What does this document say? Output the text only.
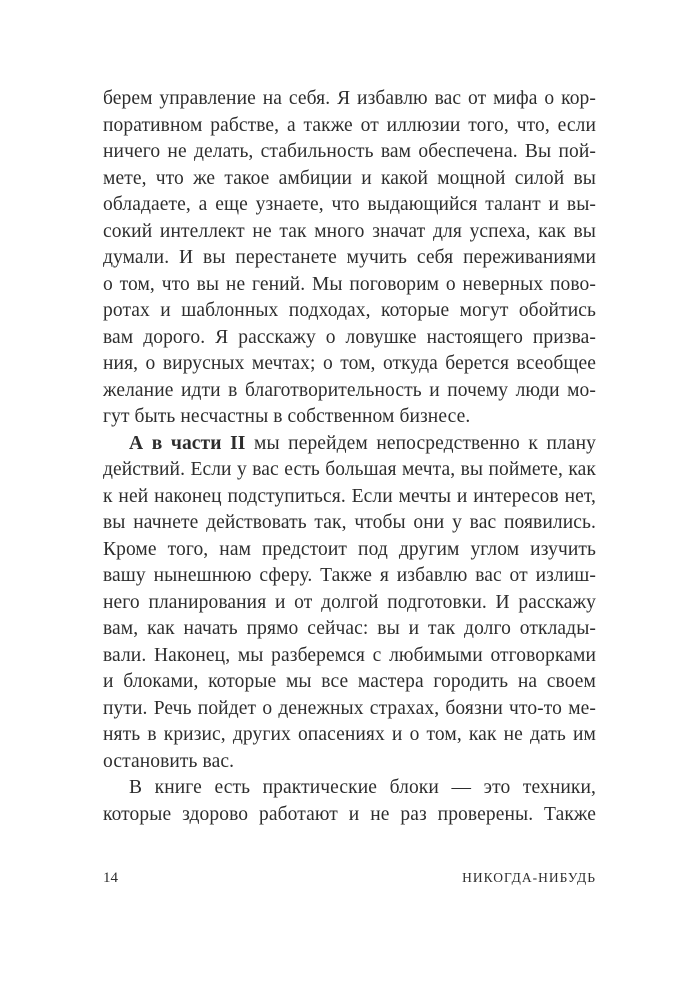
берем управление на себя. Я избавлю вас от мифа о кор-
поративном рабстве, а также от иллюзии того, что, если
ничего не делать, стабильность вам обеспечена. Вы пой-
мете, что же такое амбиции и какой мощной силой вы
обладаете, а еще узнаете, что выдающийся талант и вы-
сокий интеллект не так много значат для успеха, как вы
думали. И вы перестанете мучить себя переживаниями
о том, что вы не гений. Мы поговорим о неверных пово-
ротах и шаблонных подходах, которые могут обойтись
вам дорого. Я расскажу о ловушке настоящего призва-
ния, о вирусных мечтах; о том, откуда берется всеобщее
желание идти в благотворительность и почему люди мо-
гут быть несчастны в собственном бизнесе.
А в части II мы перейдем непосредственно к плану
действий. Если у вас есть большая мечта, вы поймете, как
к ней наконец подступиться. Если мечты и интересов нет,
вы начнете действовать так, чтобы они у вас появились.
Кроме того, нам предстоит под другим углом изучить
вашу нынешнюю сферу. Также я избавлю вас от излиш-
него планирования и от долгой подготовки. И расскажу
вам, как начать прямо сейчас: вы и так долго отклады-
вали. Наконец, мы разберемся с любимыми отговорками
и блоками, которые мы все мастера городить на своем
пути. Речь пойдет о денежных страхах, боязни что-то ме-
нять в кризис, других опасениях и о том, как не дать им
остановить вас.
В книге есть практические блоки — это техники,
которые здорово работают и не раз проверены. Также
14	НИКОГДА-НИБУДЬ
